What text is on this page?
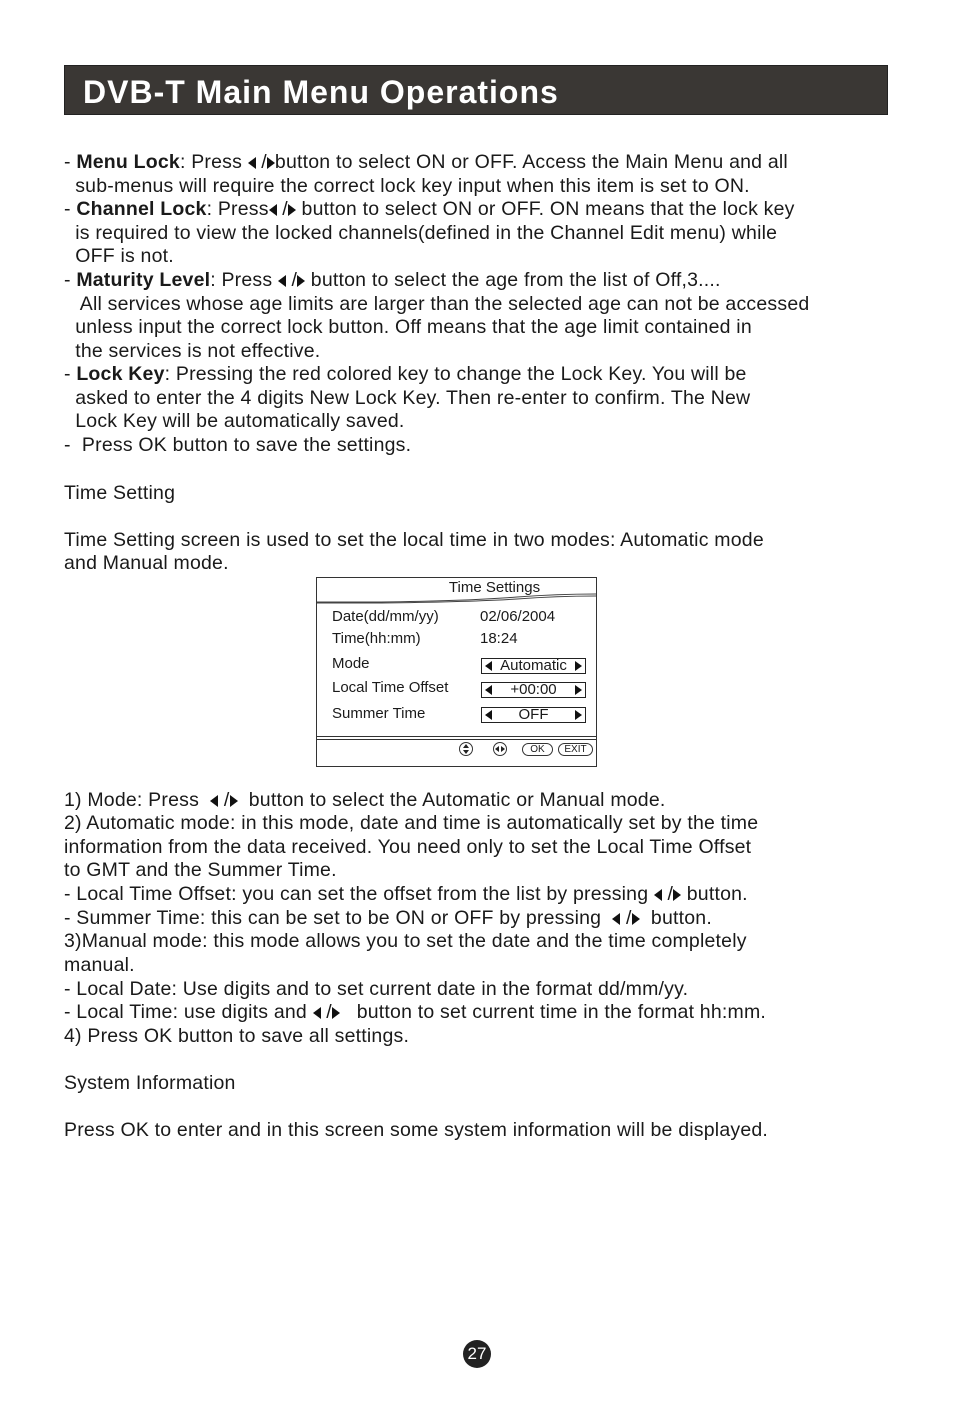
DVB-T Main Menu Operations
- Menu Lock: Press  / button to select ON or OFF. Access the Main Menu and all
sub-menus will require the correct lock key input when this item is set to ON.
- Channel Lock: Press / button to select ON or OFF. ON means that the lock key
is required to view the locked channels(defined in the Channel Edit menu) while
OFF is not.
- Maturity Level: Press  / button to select the age from the list of Off,3....
All services whose age limits are larger than the selected age can not be accessed
unless input the correct lock button. Off means that the age limit contained in
the services is not effective.
- Lock Key: Pressing the red colored key to change the Lock Key. You will be
asked to enter the 4 digits New Lock Key. Then re-enter to confirm. The New
Lock Key will be automatically saved.
-  Press OK button to save the settings.
Time Setting
Time Setting screen is used to set the local time in two modes: Automatic mode
and Manual mode.
Time Settings
Date(dd/mm/yy)	02/06/2004
Time(hh:mm)	18:24
Mode	Automatic
Local Time Offset	+00:00
Summer Time	OFF
OK	EXIT
1) Mode: Press   /  button to select the Automatic or Manual mode.
2) Automatic mode: in this mode, date and time is automatically set by the time
information from the data received. You need only to set the Local Time Offset
to GMT and the Summer Time.
- Local Time Offset: you can set the offset from the list by pressing  / button.
- Summer Time: this can be set to be ON or OFF by pressing   /  button.
3)Manual mode: this mode allows you to set the date and the time completely
manual.
- Local Date: Use digits and to set current date in the format dd/mm/yy.
- Local Time: use digits and  /   button to set current time in the format hh:mm.
4) Press OK button to save all settings.
System Information
Press OK to enter and in this screen some system information will be displayed.
27
